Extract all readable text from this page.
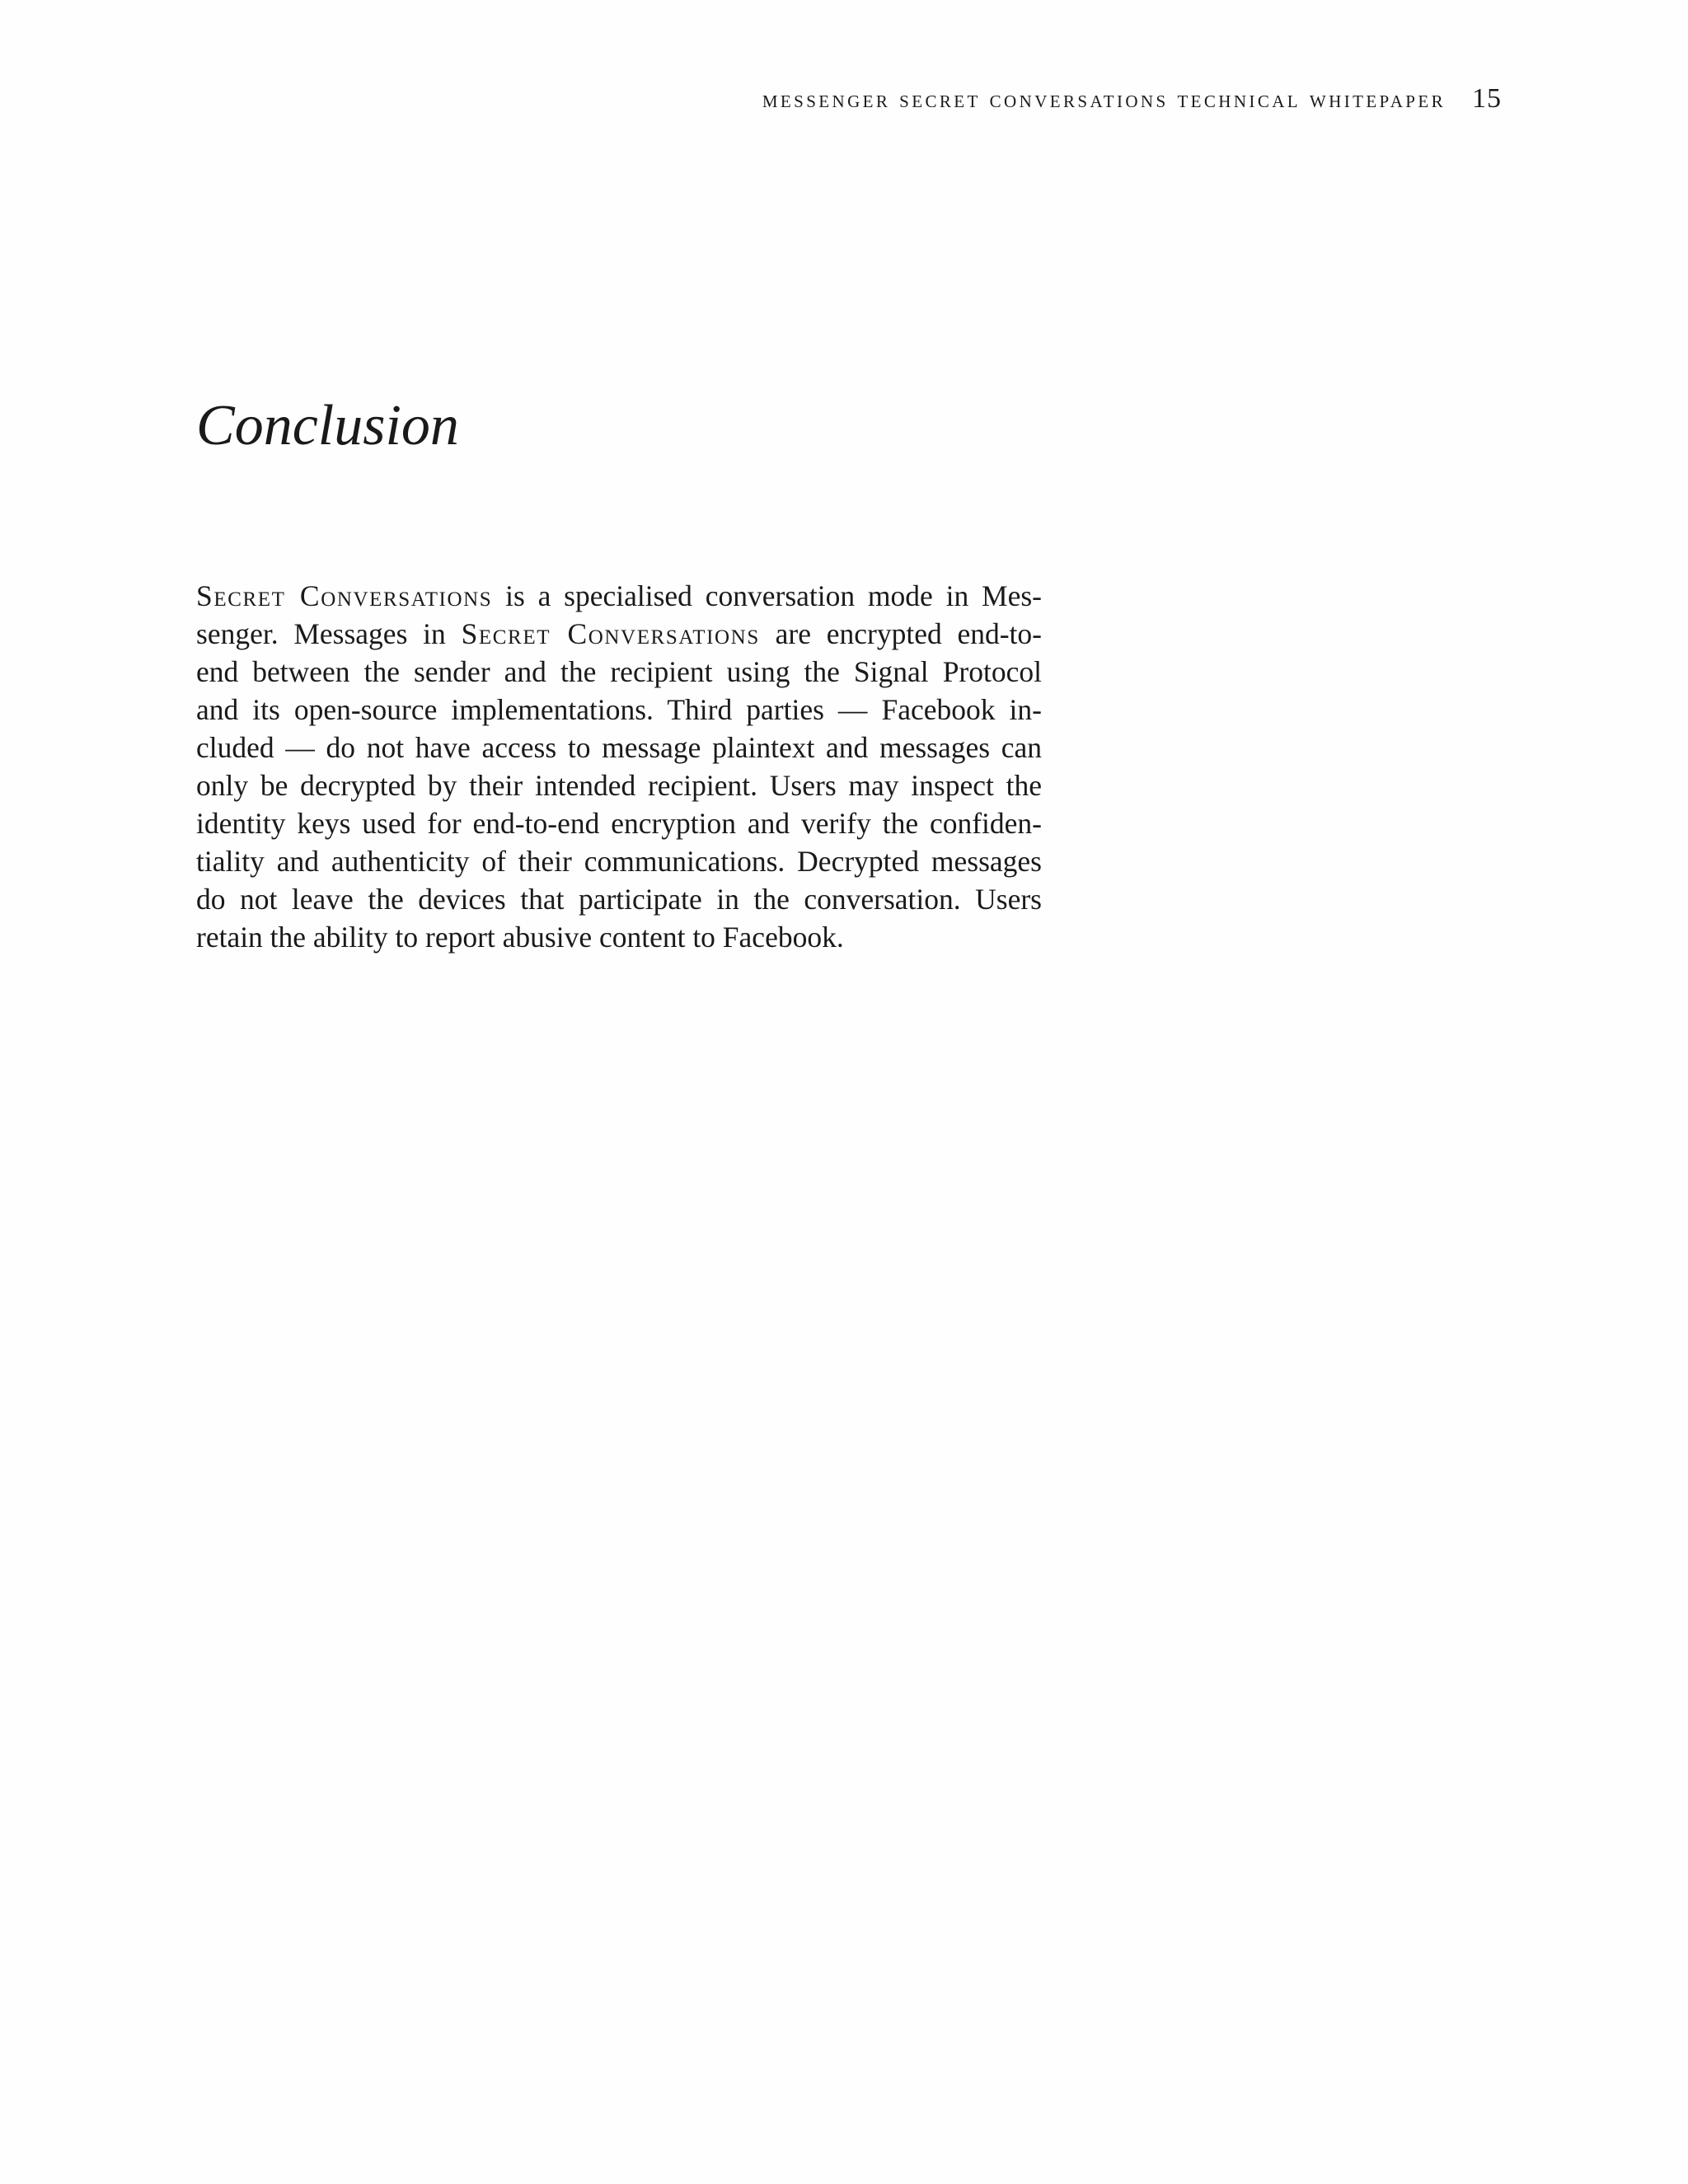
messenger secret conversations technical whitepaper 15
Conclusion
Secret Conversations is a specialised conversation mode in Mes-
senger. Messages in Secret Conversations are encrypted end-to-
end between the sender and the recipient using the Signal Protocol
and its open-source implementations. Third parties — Facebook in-
cluded — do not have access to message plaintext and messages can
only be decrypted by their intended recipient. Users may inspect the
identity keys used for end-to-end encryption and verify the confiden-
tiality and authenticity of their communications. Decrypted messages
do not leave the devices that participate in the conversation. Users
retain the ability to report abusive content to Facebook.
